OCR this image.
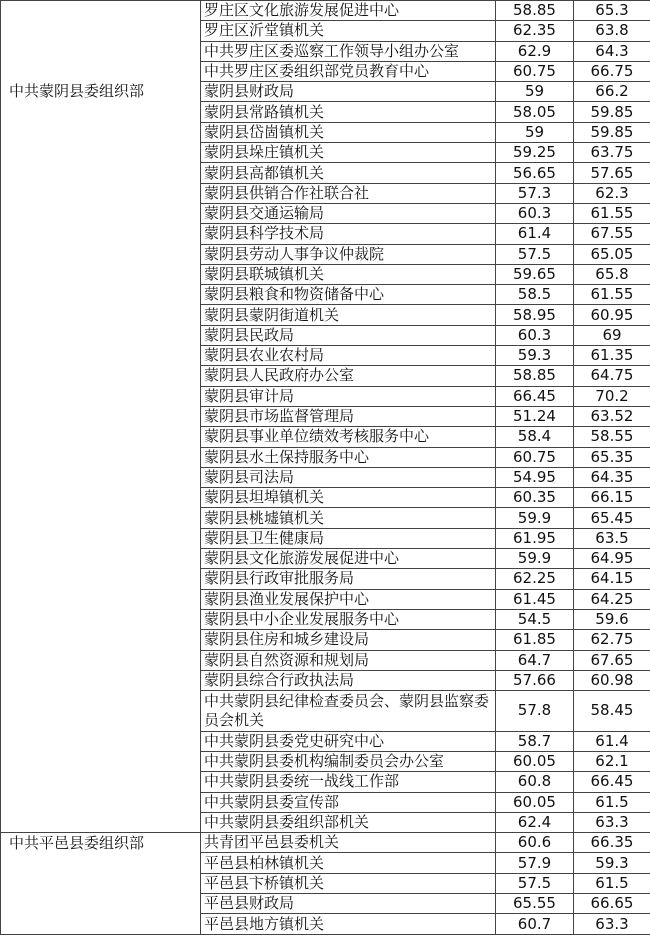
	罗庄区文化旅游发展促进中心	58.85	65.3
	罗庄区沂堂镇机关	62.35	63.8
	中共罗庄区委巡察工作领导小组办公室	62.9	64.3
	中共罗庄区委组织部党员教育中心	60.75	66.75
中共蒙阴县委组织部	蒙阴县财政局	59	66.2
	蒙阴县常路镇机关	58.05	59.85
	蒙阴县岱崮镇机关	59	59.85
	蒙阴县垛庄镇机关	59.25	63.75
	蒙阴县高都镇机关	56.65	57.65
	蒙阴县供销合作社联合社	57.3	62.3
	蒙阴县交通运输局	60.3	61.55
	蒙阴县科学技术局	61.4	67.55
	蒙阴县劳动人事争议仲裁院	57.5	65.05
	蒙阴县联城镇机关	59.65	65.8
	蒙阴县粮食和物资储备中心	58.5	61.55
	蒙阴县蒙阴街道机关	58.95	60.95
	蒙阴县民政局	60.3	69
	蒙阴县农业农村局	59.3	61.35
	蒙阴县人民政府办公室	58.85	64.75
	蒙阴县审计局	66.45	70.2
	蒙阴县市场监督管理局	51.24	63.52
	蒙阴县事业单位绩效考核服务中心	58.4	58.55
	蒙阴县水土保持服务中心	60.75	65.35
	蒙阴县司法局	54.95	64.35
	蒙阴县坦埠镇机关	60.35	66.15
	蒙阴县桃墟镇机关	59.9	65.45
	蒙阴县卫生健康局	61.95	63.5
	蒙阴县文化旅游发展促进中心	59.9	64.95
	蒙阴县行政审批服务局	62.25	64.15
	蒙阴县渔业发展保护中心	61.45	64.25
	蒙阴县中小企业发展服务中心	54.5	59.6
	蒙阴县住房和城乡建设局	61.85	62.75
	蒙阴县自然资源和规划局	64.7	67.65
	蒙阴县综合行政执法局	57.66	60.98
	中共蒙阴县纪律检查委员会、蒙阴县监察委员会机关	57.8	58.45
	中共蒙阴县委党史研究中心	58.7	61.4
	中共蒙阴县委机构编制委员会办公室	60.05	62.1
	中共蒙阴县委统一战线工作部	60.8	66.45
	中共蒙阴县委宣传部	60.05	61.5
	中共蒙阴县委组织部机关	62.4	63.3
中共平邑县委组织部	共青团平邑县委机关	60.6	66.35
	平邑县柏林镇机关	57.9	59.3
	平邑县卞桥镇机关	57.5	61.5
	平邑县财政局	65.55	66.65
	平邑县地方镇机关	60.7	63.3
